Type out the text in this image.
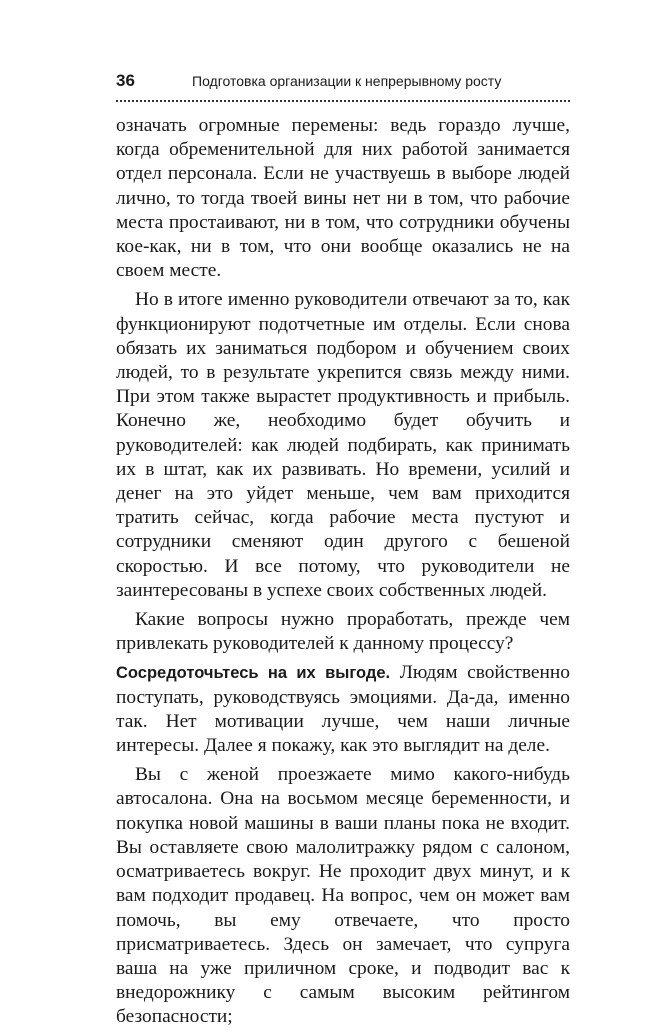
36	Подготовка организации к непрерывному росту

означать огромные перемены: ведь гораздо лучше, когда обременительной для них работой занимается отдел персонала. Если не участвуешь в выборе людей лично, то тогда твоей вины нет ни в том, что рабочие места простаивают, ни в том, что сотрудники обучены кое-как, ни в том, что они вообще оказались не на своем месте.

Но в итоге именно руководители отвечают за то, как функционируют подотчетные им отделы. Если снова обязать их заниматься подбором и обучением своих людей, то в результате укрепится связь между ними. При этом также вырастет продуктивность и прибыль. Конечно же, необходимо будет обучить и руководителей: как людей подбирать, как принимать их в штат, как их развивать. Но времени, усилий и денег на это уйдет меньше, чем вам приходится тратить сейчас, когда рабочие места пустуют и сотрудники сменяют один другого с бешеной скоростью. И все потому, что руководители не заинтересованы в успехе своих собственных людей.

Какие вопросы нужно проработать, прежде чем привлекать руководителей к данному процессу?

Сосредоточьтесь на их выгоде. Людям свойственно поступать, руководствуясь эмоциями. Да-да, именно так. Нет мотивации лучше, чем наши личные интересы. Далее я покажу, как это выглядит на деле.

Вы с женой проезжаете мимо какого-нибудь автосалона. Она на восьмом месяце беременности, и покупка новой машины в ваши планы пока не входит. Вы оставляете свою малолитражку рядом с салоном, осматриваетесь вокруг. Не проходит двух минут, и к вам подходит продавец. На вопрос, чем он может вам помочь, вы ему отвечаете, что просто присматриваетесь. Здесь он замечает, что супруга ваша на уже приличном сроке, и подводит вас к внедорожнику с самым высоким рейтингом безопасности;
